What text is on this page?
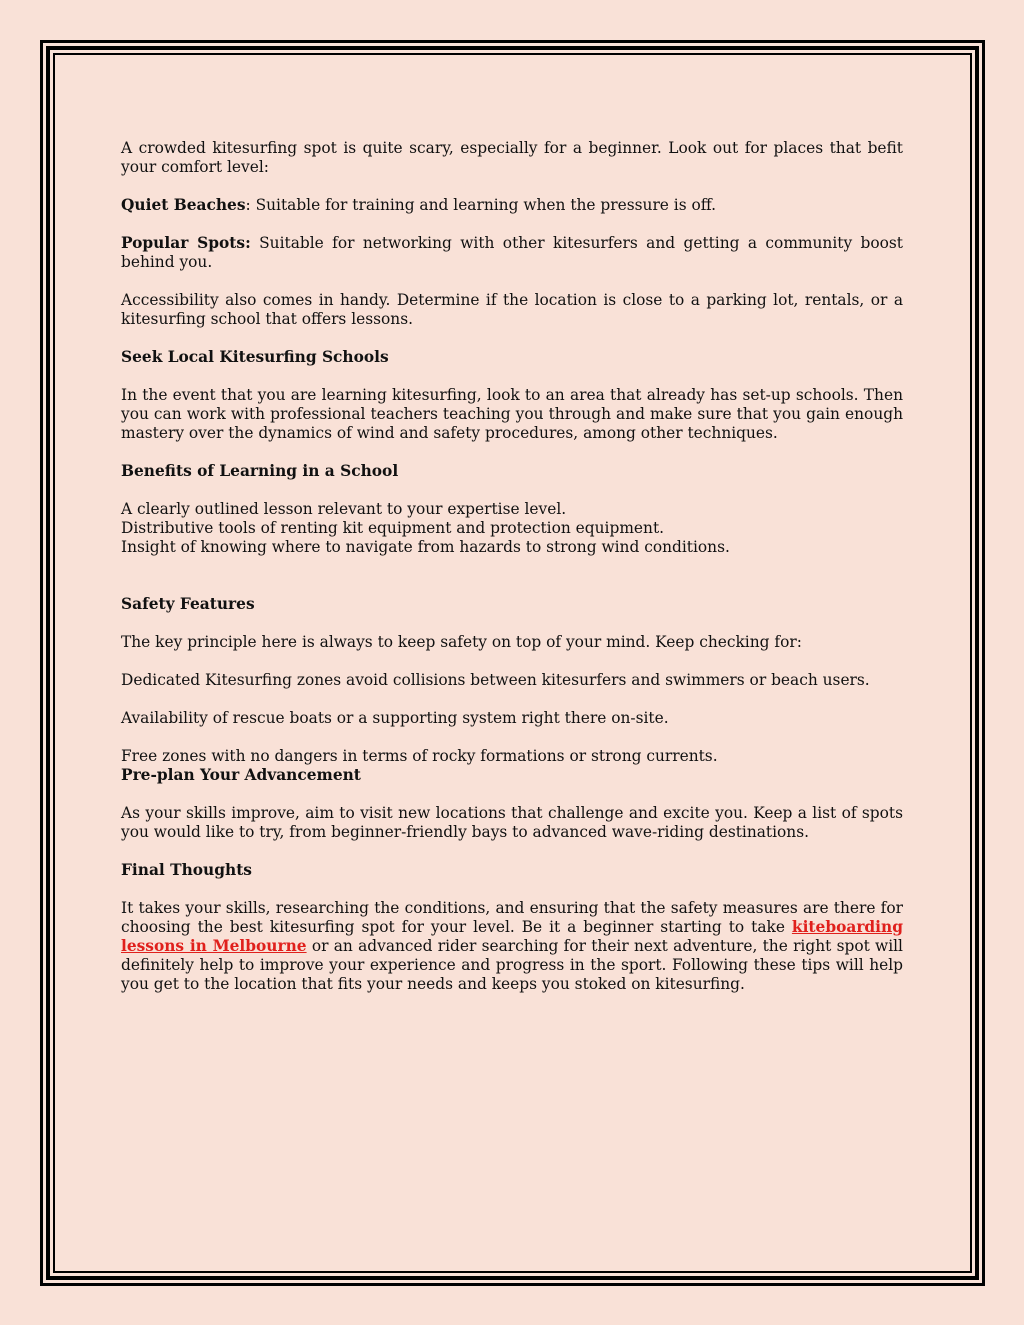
A crowded kitesurfing spot is quite scary, especially for a beginner. Look out for places that befit your comfort level:

Quiet Beaches: Suitable for training and learning when the pressure is off.

Popular Spots: Suitable for networking with other kitesurfers and getting a community boost behind you.

Accessibility also comes in handy. Determine if the location is close to a parking lot, rentals, or a kitesurfing school that offers lessons.

Seek Local Kitesurfing Schools

In the event that you are learning kitesurfing, look to an area that already has set-up schools. Then you can work with professional teachers teaching you through and make sure that you gain enough mastery over the dynamics of wind and safety procedures, among other techniques.

Benefits of Learning in a School

A clearly outlined lesson relevant to your expertise level.
Distributive tools of renting kit equipment and protection equipment.
Insight of knowing where to navigate from hazards to strong wind conditions.

Safety Features

The key principle here is always to keep safety on top of your mind. Keep checking for:

Dedicated Kitesurfing zones avoid collisions between kitesurfers and swimmers or beach users.

Availability of rescue boats or a supporting system right there on-site.

Free zones with no dangers in terms of rocky formations or strong currents.

Pre-plan Your Advancement

As your skills improve, aim to visit new locations that challenge and excite you. Keep a list of spots you would like to try, from beginner-friendly bays to advanced wave-riding destinations.

Final Thoughts

It takes your skills, researching the conditions, and ensuring that the safety measures are there for choosing the best kitesurfing spot for your level. Be it a beginner starting to take kiteboarding lessons in Melbourne or an advanced rider searching for their next adventure, the right spot will definitely help to improve your experience and progress in the sport. Following these tips will help you get to the location that fits your needs and keeps you stoked on kitesurfing.
